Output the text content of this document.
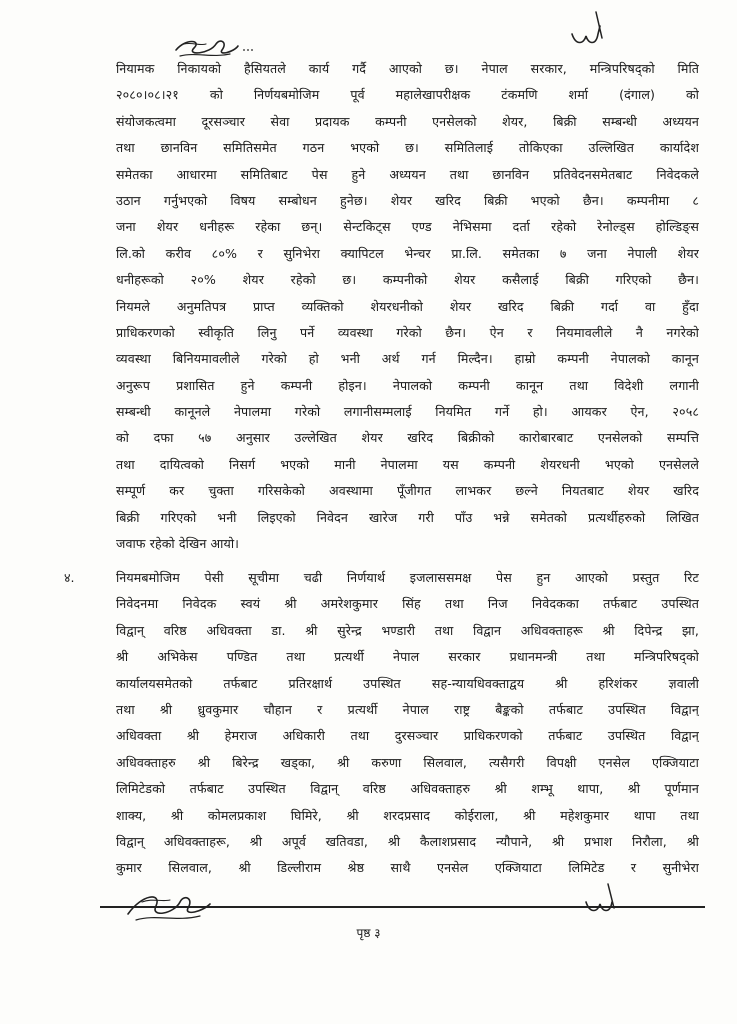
नियामक निकायको हैसियतले कार्य गर्दै आएको छ। नेपाल सरकार, मन्त्रिपरिषद्को मिति
२०८०।०८।२१ को निर्णयबमोजिम पूर्व महालेखापरीक्षक टंकमणि शर्मा (दंगाल) को
संयोजकत्वमा दूरसञ्चार सेवा प्रदायक कम्पनी एनसेलको शेयर, बिक्री सम्बन्धी अध्ययन
तथा छानविन समितिसमेत गठन भएको छ। समितिलाई तोकिएका उल्लिखित कार्यादेश
समेतका आधारमा समितिबाट पेस हुने अध्ययन तथा छानविन प्रतिवेदनसमेतबाट निवेदकले
उठान गर्नुभएको विषय सम्बोधन हुनेछ। शेयर खरिद बिक्री भएको छैन। कम्पनीमा ८
जना शेयर धनीहरू रहेका छन्। सेन्टकिट्स एण्ड नेभिसमा दर्ता रहेको रेनोल्ड्स होल्डिङ्स
लि.को करीव ८०% र सुनिभेरा क्यापिटल भेन्चर प्रा.लि. समेतका ७ जना नेपाली शेयर
धनीहरूको २०% शेयर रहेको छ। कम्पनीको शेयर कसैलाई बिक्री गरिएको छैन।
नियमले अनुमतिपत्र प्राप्त व्यक्तिको शेयरधनीको शेयर खरिद बिक्री गर्दा वा हुँदा
प्राधिकरणको स्वीकृति लिनु पर्ने व्यवस्था गरेको छैन। ऐन र नियमावलीले नै नगरेको
व्यवस्था बिनियमावलीले गरेको हो भनी अर्थ गर्न मिल्दैन। हाम्रो कम्पनी नेपालको कानून
अनुरूप प्रशासित हुने कम्पनी होइन। नेपालको कम्पनी कानून तथा विदेशी लगानी
सम्बन्धी कानूनले नेपालमा गरेको लगानीसम्मलाई नियमित गर्ने हो। आयकर ऐन, २०५८
को दफा ५७ अनुसार उल्लेखित शेयर खरिद बिक्रीको कारोबारबाट एनसेलको सम्पत्ति
तथा दायित्वको निसर्ग भएको मानी नेपालमा यस कम्पनी शेयरधनी भएको एनसेलले
सम्पूर्ण कर चुक्ता गरिसकेको अवस्थामा पूँजीगत लाभकर छल्ने नियतबाट शेयर खरिद
बिक्री गरिएको भनी लिइएको निवेदन खारेज गरी पाँउ भन्ने समेतको प्रत्यर्थीहरुको लिखित
जवाफ रहेको देखिन आयो।
४.	नियमबमोजिम पेसी सूचीमा चढी निर्णयार्थ इजलाससमक्ष पेस हुन आएको प्रस्तुत रिट
निवेदनमा निवेदक स्वयं श्री अमरेशकुमार सिंह तथा निज निवेदकका तर्फबाट उपस्थित
विद्वान् वरिष्ठ अधिवक्ता डा. श्री सुरेन्द्र भण्डारी तथा विद्वान अधिवक्ताहरू श्री दिपेन्द्र झा,
श्री अभिकेस पण्डित तथा प्रत्यर्थी नेपाल सरकार प्रधानमन्त्री तथा मन्त्रिपरिषद्को
कार्यालयसमेतको तर्फबाट प्रतिरक्षार्थ उपस्थित सह-न्यायधिवक्ताद्वय श्री हरिशंकर ज्ञवाली
तथा श्री ध्रुवकुमार चौहान र प्रत्यर्थी नेपाल राष्ट्र बैङ्कको तर्फबाट उपस्थित विद्वान्
अधिवक्ता श्री हेमराज अधिकारी तथा दुरसञ्चार प्राधिकरणको तर्फबाट उपस्थित विद्वान्
अधिवक्ताहरु श्री बिरेन्द्र खड्का, श्री करुणा सिलवाल, त्यसैगरी विपक्षी एनसेल एक्जियाटा
लिमिटेडको तर्फबाट उपस्थित विद्वान् वरिष्ठ अधिवक्ताहरु श्री शम्भू थापा, श्री पूर्णमान
शाक्य, श्री कोमलप्रकाश घिमिरे, श्री शरदप्रसाद कोईराला, श्री महेशकुमार थापा तथा
विद्वान् अधिवक्ताहरू, श्री अपूर्व खतिवडा, श्री कैलाशप्रसाद न्यौपाने, श्री प्रभाश निरौला, श्री
कुमार सिलवाल, श्री डिल्लीराम श्रेष्ठ साथै एनसेल एक्जियाटा लिमिटेड र सुनीभेरा
पृष्ठ ३
